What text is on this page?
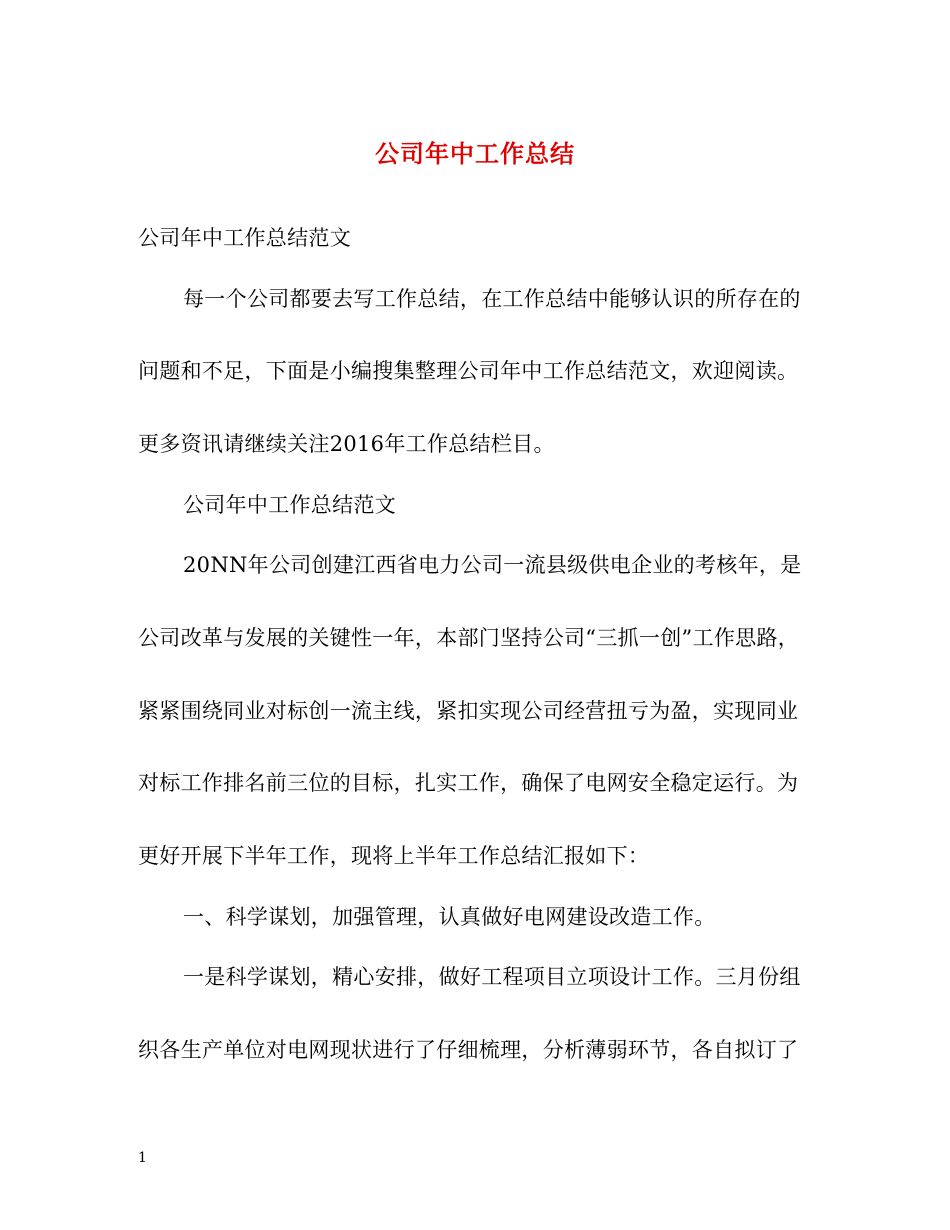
公司年中工作总结
公司年中工作总结范文
每一个公司都要去写工作总结，在工作总结中能够认识的所存在的
问题和不足，下面是小编搜集整理公司年中工作总结范文，欢迎阅读。
更多资讯请继续关注2016年工作总结栏目。
公司年中工作总结范文
20NN年公司创建江西省电力公司一流县级供电企业的考核年，是
公司改革与发展的关键性一年，本部门坚持公司“三抓一创”工作思路，
紧紧围绕同业对标创一流主线，紧扣实现公司经营扭亏为盈，实现同业
对标工作排名前三位的目标，扎实工作，确保了电网安全稳定运行。为
更好开展下半年工作，现将上半年工作总结汇报如下：
一、科学谋划，加强管理，认真做好电网建设改造工作。
一是科学谋划，精心安排，做好工程项目立项设计工作。三月份组
织各生产单位对电网现状进行了仔细梳理，分析薄弱环节，各自拟订了
1
